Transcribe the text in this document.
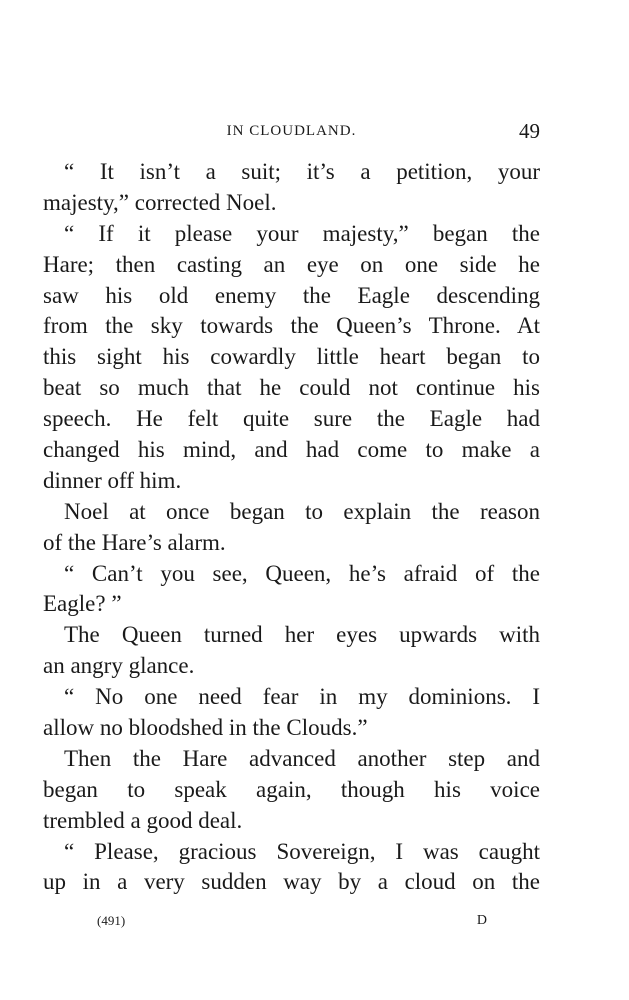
IN CLOUDLAND.	49
“ It isn’t a suit; it’s a petition, your
majesty,” corrected Noel.
“ If it please your majesty,” began the
Hare; then casting an eye on one side he
saw his old enemy the Eagle descending
from the sky towards the Queen’s Throne. At
this sight his cowardly little heart began to
beat so much that he could not continue his
speech. He felt quite sure the Eagle had
changed his mind, and had come to make a
dinner off him.
Noel at once began to explain the reason
of the Hare’s alarm.
“ Can’t you see, Queen, he’s afraid of the
Eagle? ”
The Queen turned her eyes upwards with
an angry glance.
“ No one need fear in my dominions. I
allow no bloodshed in the Clouds.”
Then the Hare advanced another step and
began to speak again, though his voice
trembled a good deal.
“ Please, gracious Sovereign, I was caught
up in a very sudden way by a cloud on the
(491)	D
